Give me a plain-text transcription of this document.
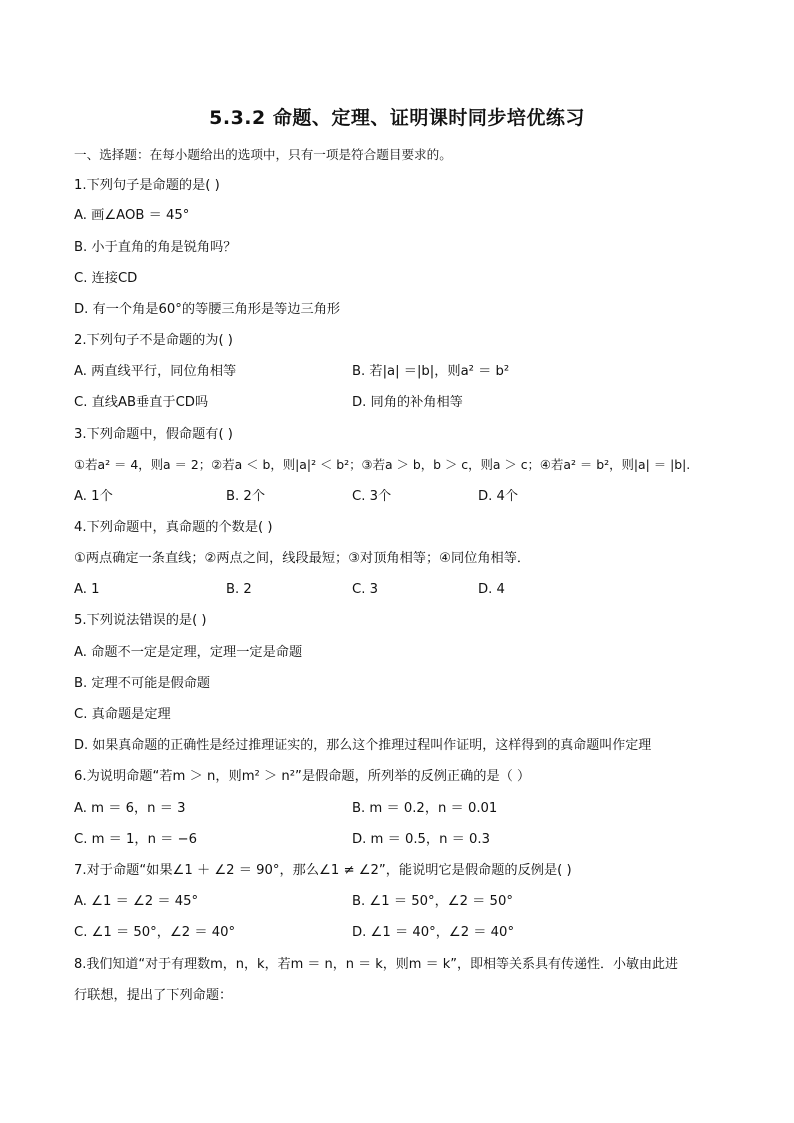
5.3.2 命题、定理、证明课时同步培优练习
一、选择题：在每小题给出的选项中，只有一项是符合题目要求的。
1.下列句子是命题的是( )
A. 画∠AOB ＝ 45°
B. 小于直角的角是锐角吗？
C. 连接CD
D. 有一个角是60°的等腰三角形是等边三角形
2.下列句子不是命题的为( )
A. 两直线平行，同位角相等	B. 若|a| ＝|b|，则a² ＝ b²
C. 直线AB垂直于CD吗	D. 同角的补角相等
3.下列命题中，假命题有( )
①若a² ＝ 4，则a ＝ 2；②若a ＜ b，则|a|² ＜ b²；③若a ＞ b，b ＞ c，则a ＞ c；④若a² ＝ b²，则|a| ＝ |b|.
A. 1个	B. 2个	C. 3个	D. 4个
4.下列命题中，真命题的个数是( )
①两点确定一条直线；②两点之间，线段最短；③对顶角相等；④同位角相等．
A. 1	B. 2	C. 3	D. 4
5.下列说法错误的是( )
A. 命题不一定是定理，定理一定是命题
B. 定理不可能是假命题
C. 真命题是定理
D. 如果真命题的正确性是经过推理证实的，那么这个推理过程叫作证明，这样得到的真命题叫作定理
6.为说明命题“若m ＞ n，则m² ＞ n²”是假命题，所列举的反例正确的是（ ）
A. m ＝ 6，n ＝ 3	B. m ＝ 0.2，n ＝ 0.01
C. m ＝ 1，n ＝ −6	D. m ＝ 0.5，n ＝ 0.3
7.对于命题“如果∠1 ＋ ∠2 ＝ 90°，那么∠1 ≠ ∠2”，能说明它是假命题的反例是( )
A. ∠1 ＝ ∠2 ＝ 45°	B. ∠1 ＝ 50°，∠2 ＝ 50°
C. ∠1 ＝ 50°，∠2 ＝ 40°	D. ∠1 ＝ 40°，∠2 ＝ 40°
8.我们知道“对于有理数m，n，k，若m ＝ n，n ＝ k，则m ＝ k”，即相等关系具有传递性．小敏由此进
行联想，提出了下列命题：
